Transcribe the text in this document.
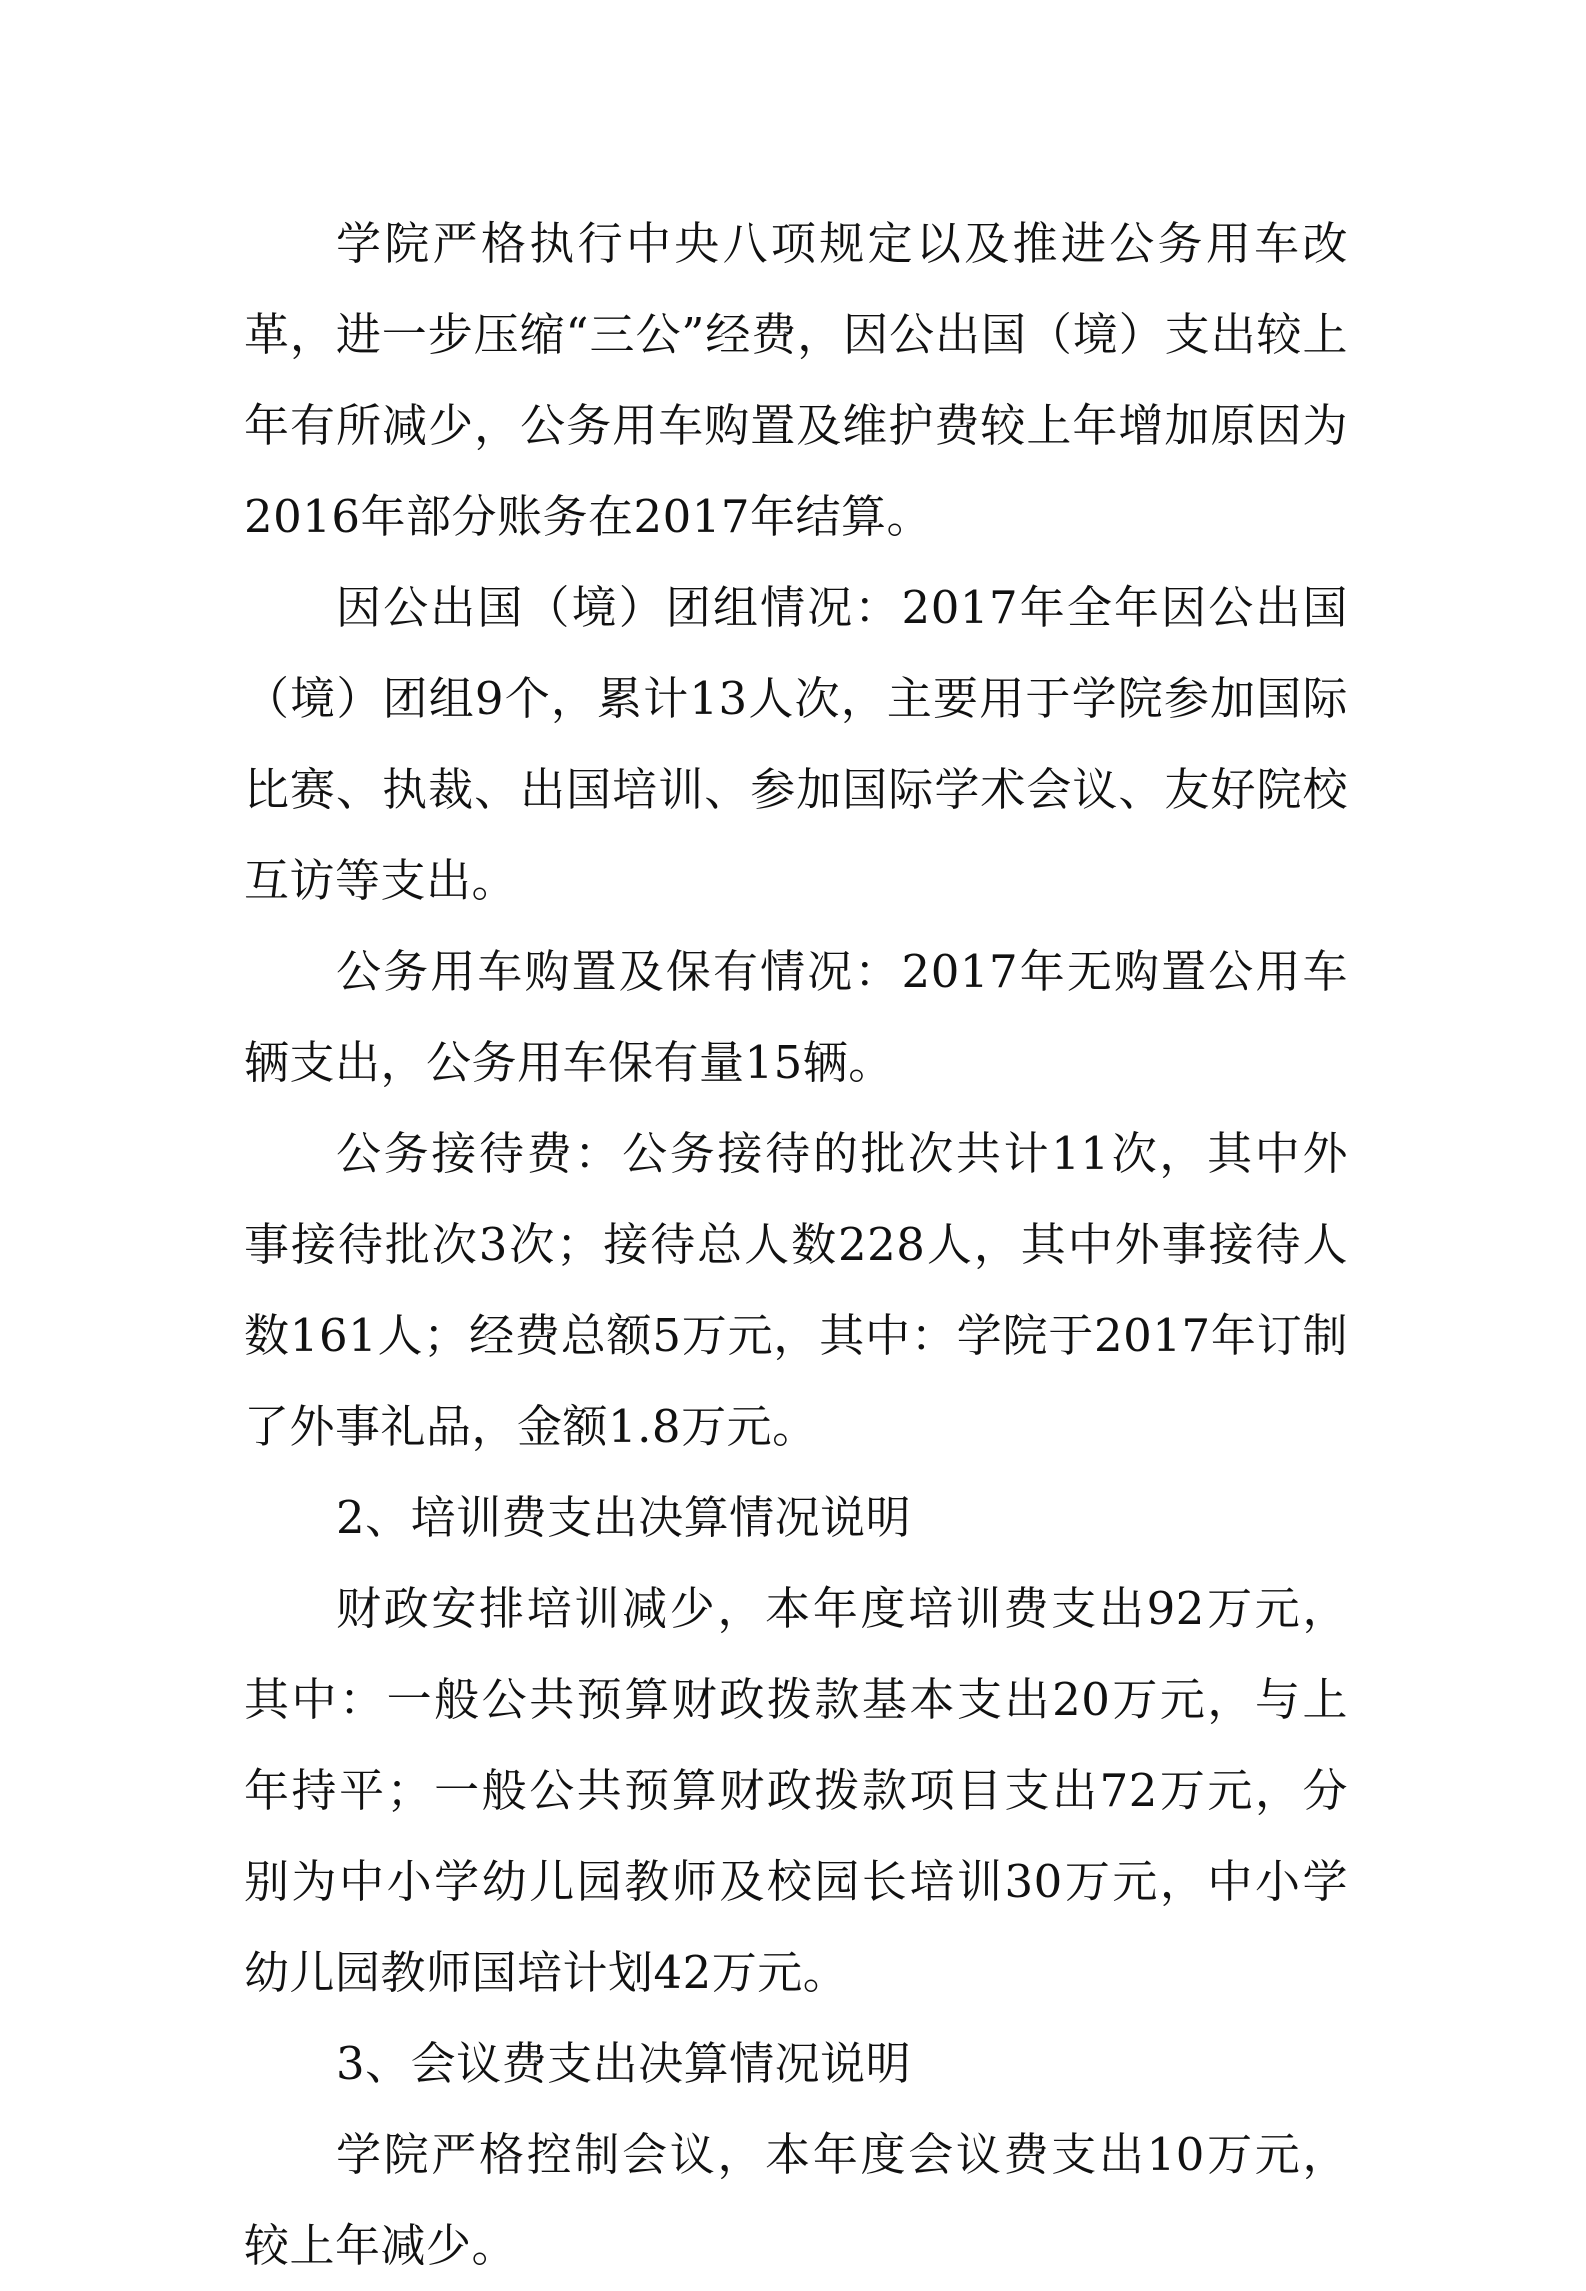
学院严格执行中央八项规定以及推进公务用车改革，进一步压缩“三公”经费，因公出国（境）支出较上年有所减少，公务用车购置及维护费较上年增加原因为2016年部分账务在2017年结算。

因公出国（境）团组情况：2017年全年因公出国（境）团组9个，累计13人次，主要用于学院参加国际比赛、执裁、出国培训、参加国际学术会议、友好院校互访等支出。

公务用车购置及保有情况：2017年无购置公用车辆支出，公务用车保有量15辆。

公务接待费：公务接待的批次共计11次，其中外事接待批次3次；接待总人数228人，其中外事接待人数161人；经费总额5万元，其中：学院于2017年订制了外事礼品，金额1.8万元。

2、培训费支出决算情况说明

财政安排培训减少，本年度培训费支出92万元，其中：一般公共预算财政拨款基本支出20万元，与上年持平；一般公共预算财政拨款项目支出72万元，分别为中小学幼儿园教师及校园长培训30万元，中小学幼儿园教师国培计划42万元。

3、会议费支出决算情况说明

学院严格控制会议，本年度会议费支出10万元，较上年减少。
